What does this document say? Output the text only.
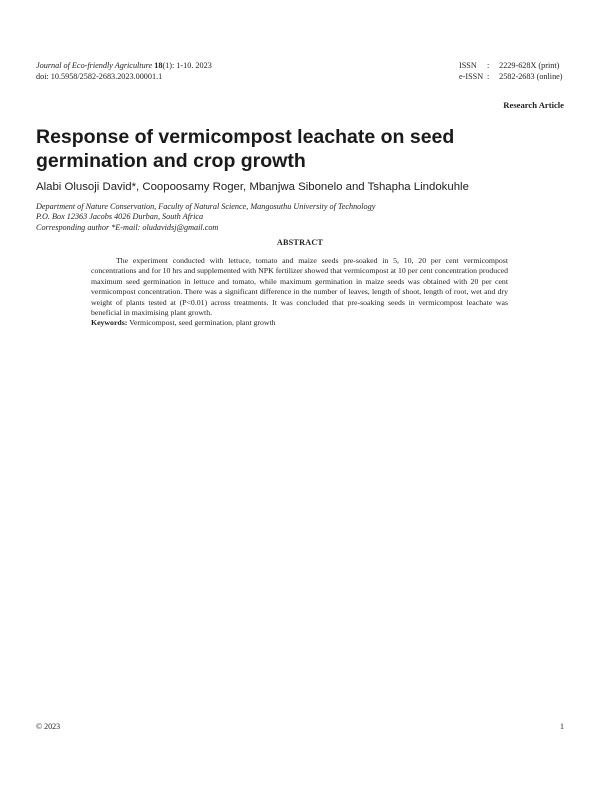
Journal of Eco-friendly Agriculture 18(1): 1-10. 2023
doi: 10.5958/2582-2683.2023.00001.1
ISSN : 2229-628X (print)
e-ISSN : 2582-2683 (online)
Research Article
Response of vermicompost leachate on seed germination and crop growth
Alabi Olusoji David*, Coopoosamy Roger, Mbanjwa Sibonelo and Tshapha Lindokuhle
Department of Nature Conservation, Faculty of Natural Science, Mangosuthu University of Technology
P.O. Box 12363 Jacobs 4026 Durban, South Africa
Corresponding author *E-mail: oludavidsj@gmail.com
ABSTRACT
The experiment conducted with lettuce, tomato and maize seeds pre-soaked in 5, 10, 20 per cent vermicompost concentrations and for 10 hrs and supplemented with NPK fertilizer showed that vermicompost at 10 per cent concentration produced maximum seed germination in lettuce and tomato, while maximum germination in maize seeds was obtained with 20 per cent vermicompost concentration. There was a significant difference in the number of leaves, length of shoot, length of root, wet and dry weight of plants tested at (P<0.01) across treatments. It was concluded that pre-soaking seeds in vermicompost leachate was beneficial in maximising plant growth.
Keywords: Vermicompost, seed germination, plant growth
© 2023	1
